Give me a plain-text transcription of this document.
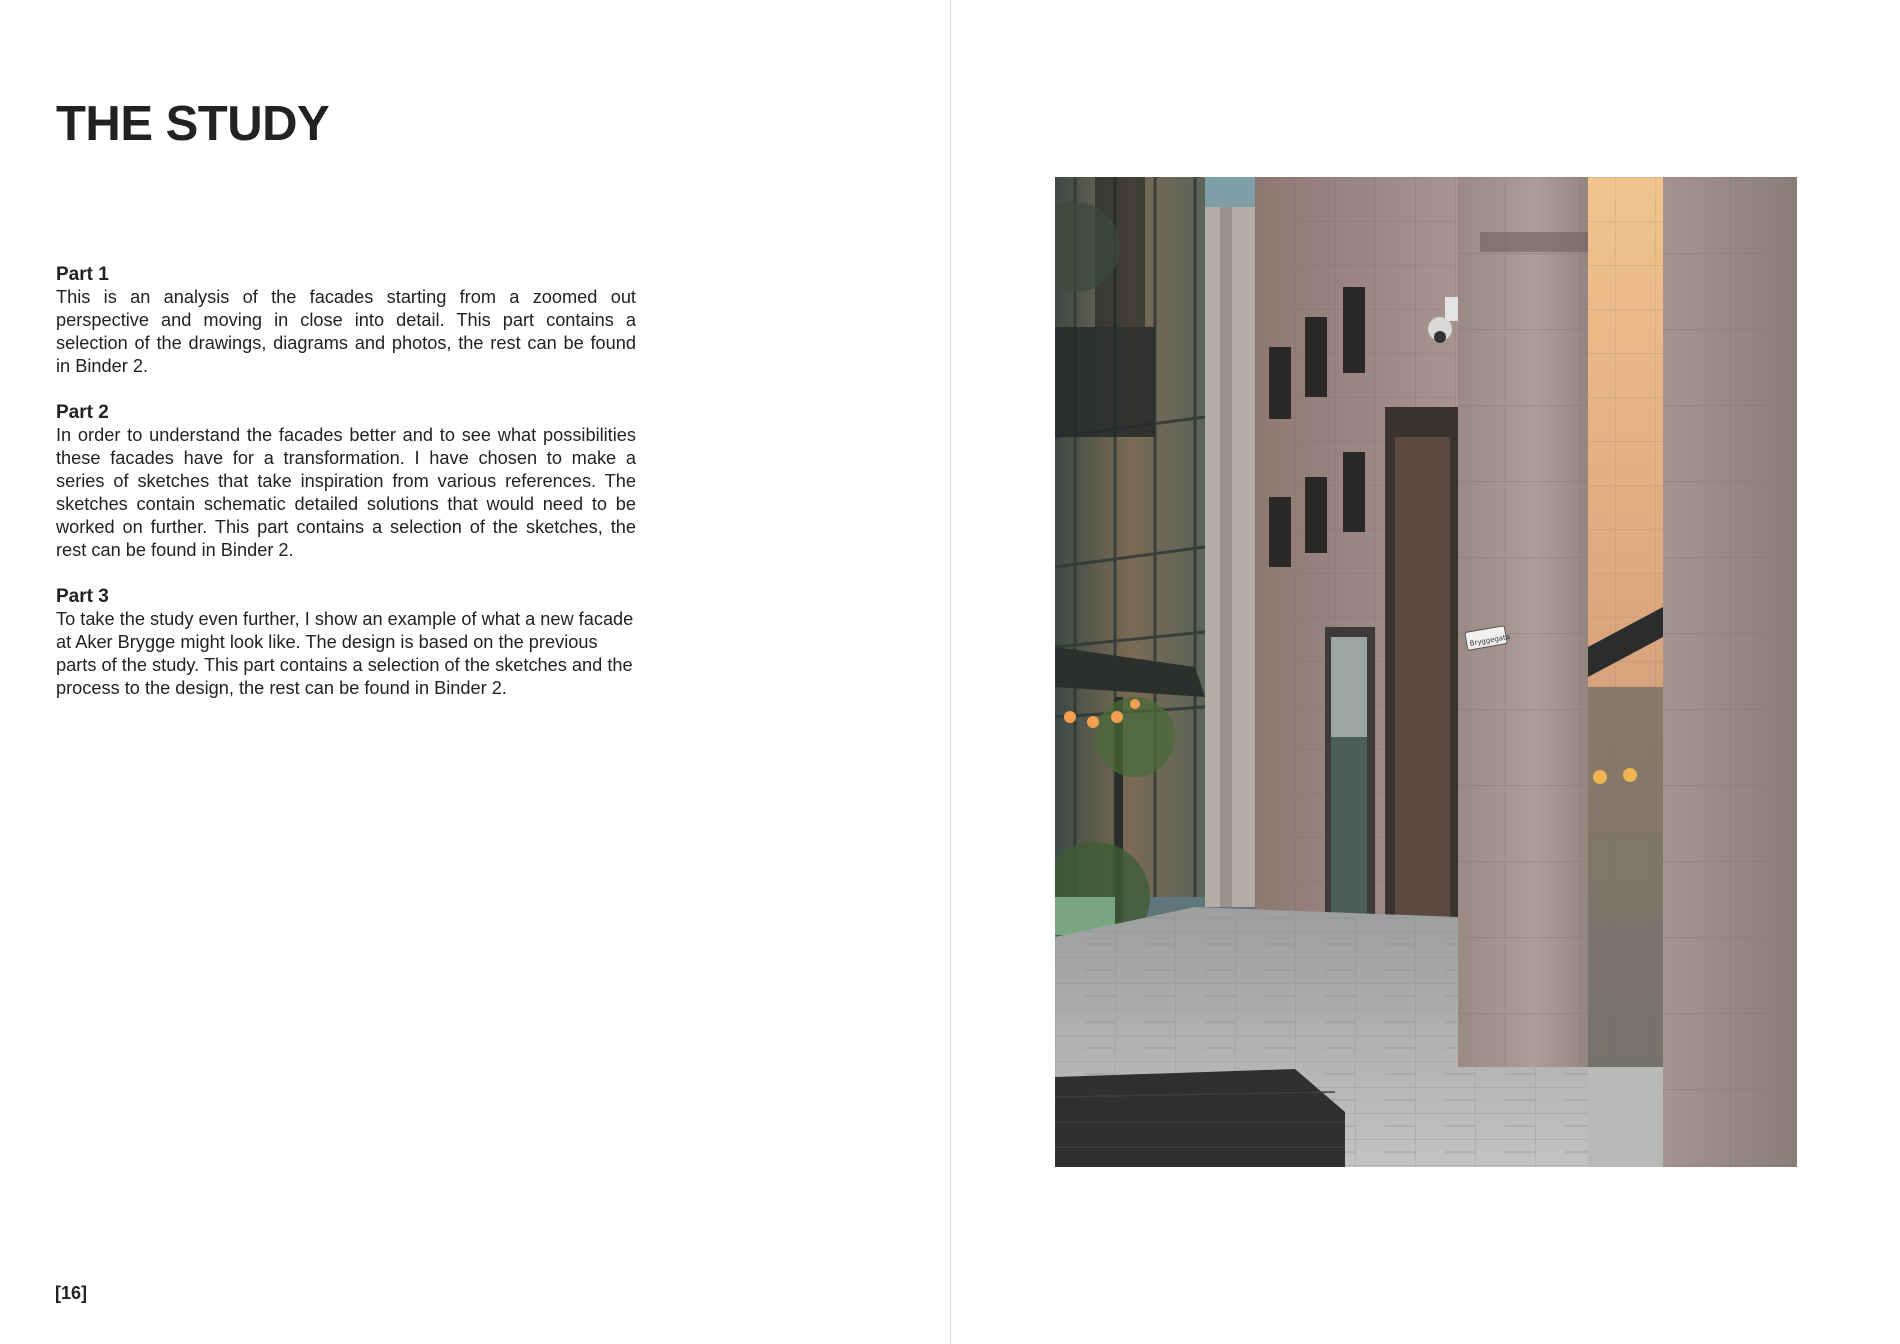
THE STUDY

Part 1

This is an analysis of the facades starting from a zoomed out perspective and moving in close into detail. This part contains a selection of the drawings, diagrams and photos, the rest can be found in Binder 2.

Part 2

In order to understand the facades better and to see what possibilities these facades have for a transformation. I have chosen to make a series of sketches that take inspiration from various references. The sketches contain schematic detailed solutions that would need to be worked on further. This part contains a selection of the sketches, the rest can be found in Binder 2.

Part 3

To take the study even further, I show an example of what a new facade at Aker Brygge might look like. The design is based on the previous parts of the study. This part contains a selection of the sketches and the process to the design, the rest can be found in Binder 2.

[16]
Bryggegata
